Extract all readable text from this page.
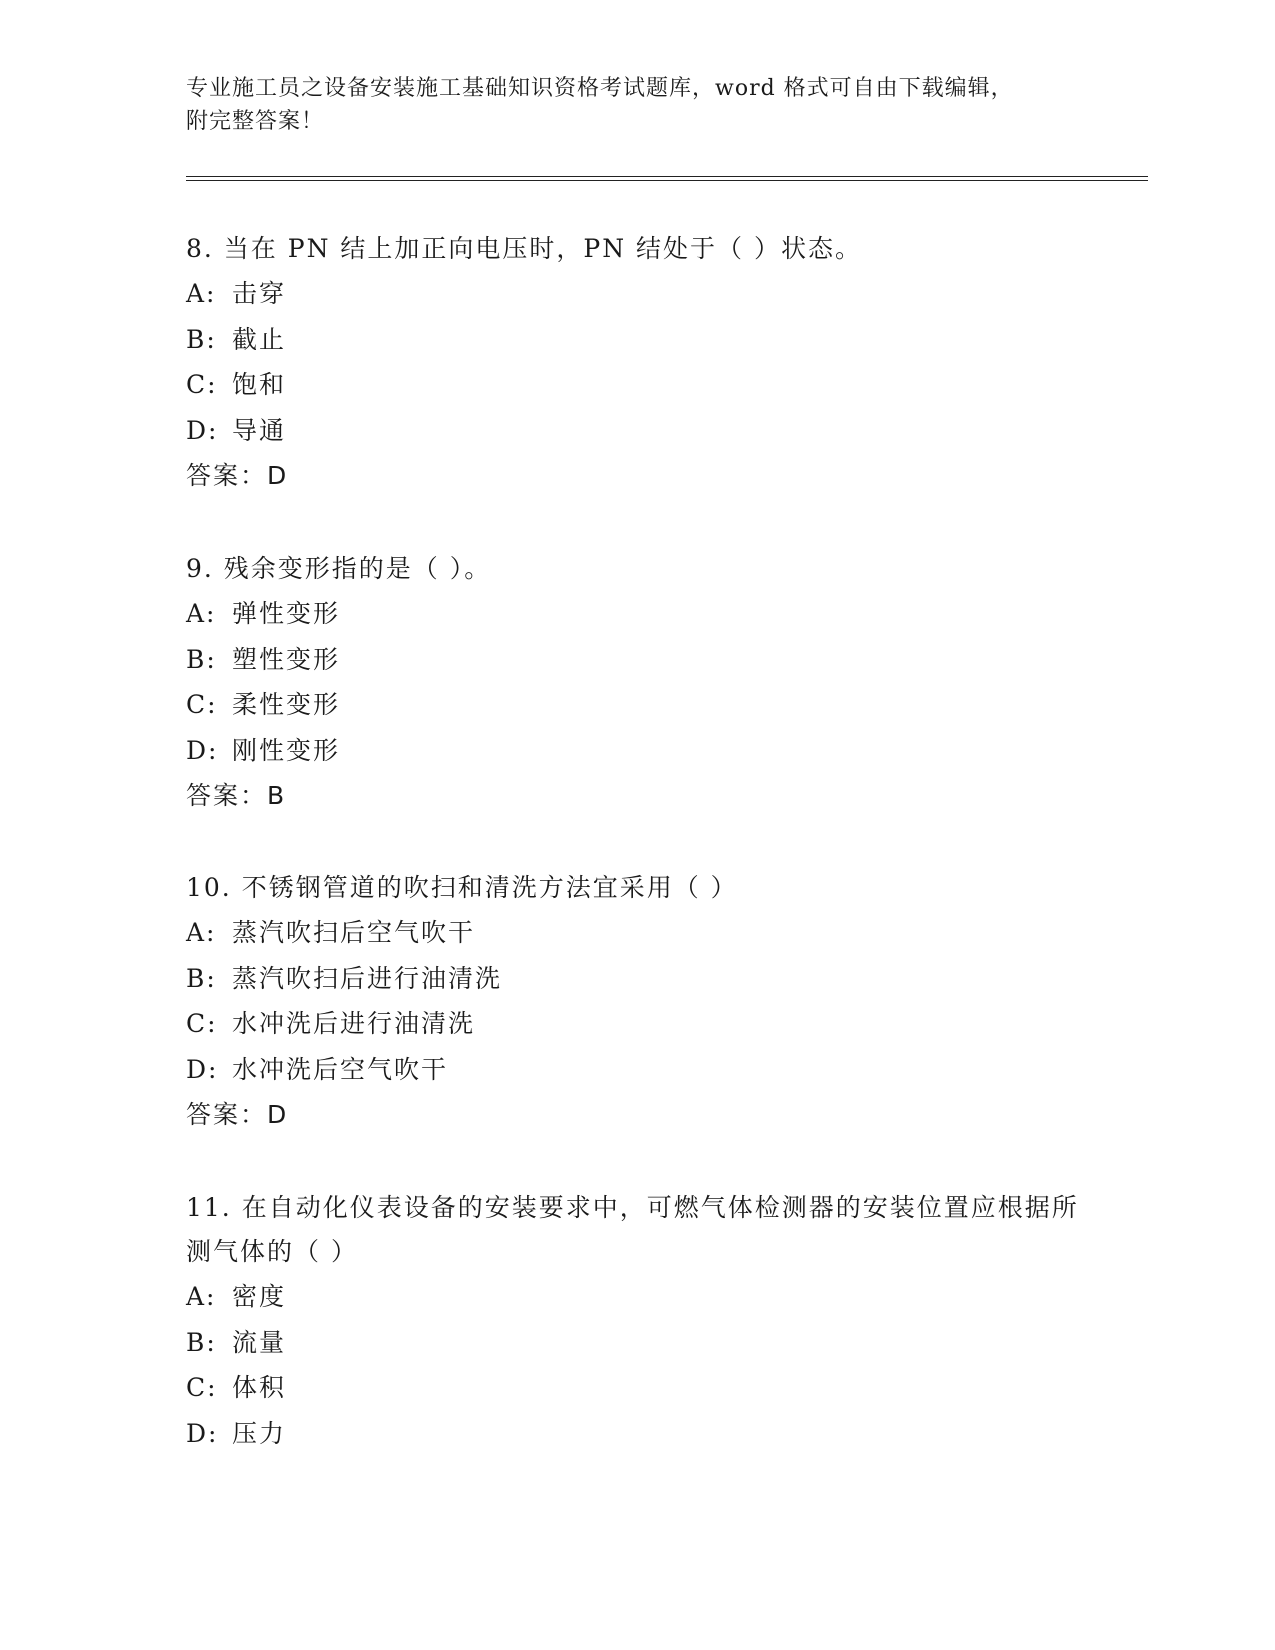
专业施工员之设备安装施工基础知识资格考试题库，word 格式可自由下载编辑，
附完整答案！

8. 当在 PN 结上加正向电压时，PN 结处于（ ）状态。

A: 击穿

B: 截止

C: 饱和

D: 导通

答案：D

9. 残余变形指的是（ ）。

A: 弹性变形

B: 塑性变形

C: 柔性变形

D: 刚性变形

答案：B

10. 不锈钢管道的吹扫和清洗方法宜采用（ ）

A: 蒸汽吹扫后空气吹干

B: 蒸汽吹扫后进行油清洗

C: 水冲洗后进行油清洗

D: 水冲洗后空气吹干

答案：D

11. 在自动化仪表设备的安装要求中，可燃气体检测器的安装位置应根据所测气体的（ ）

A: 密度

B: 流量

C: 体积

D: 压力
